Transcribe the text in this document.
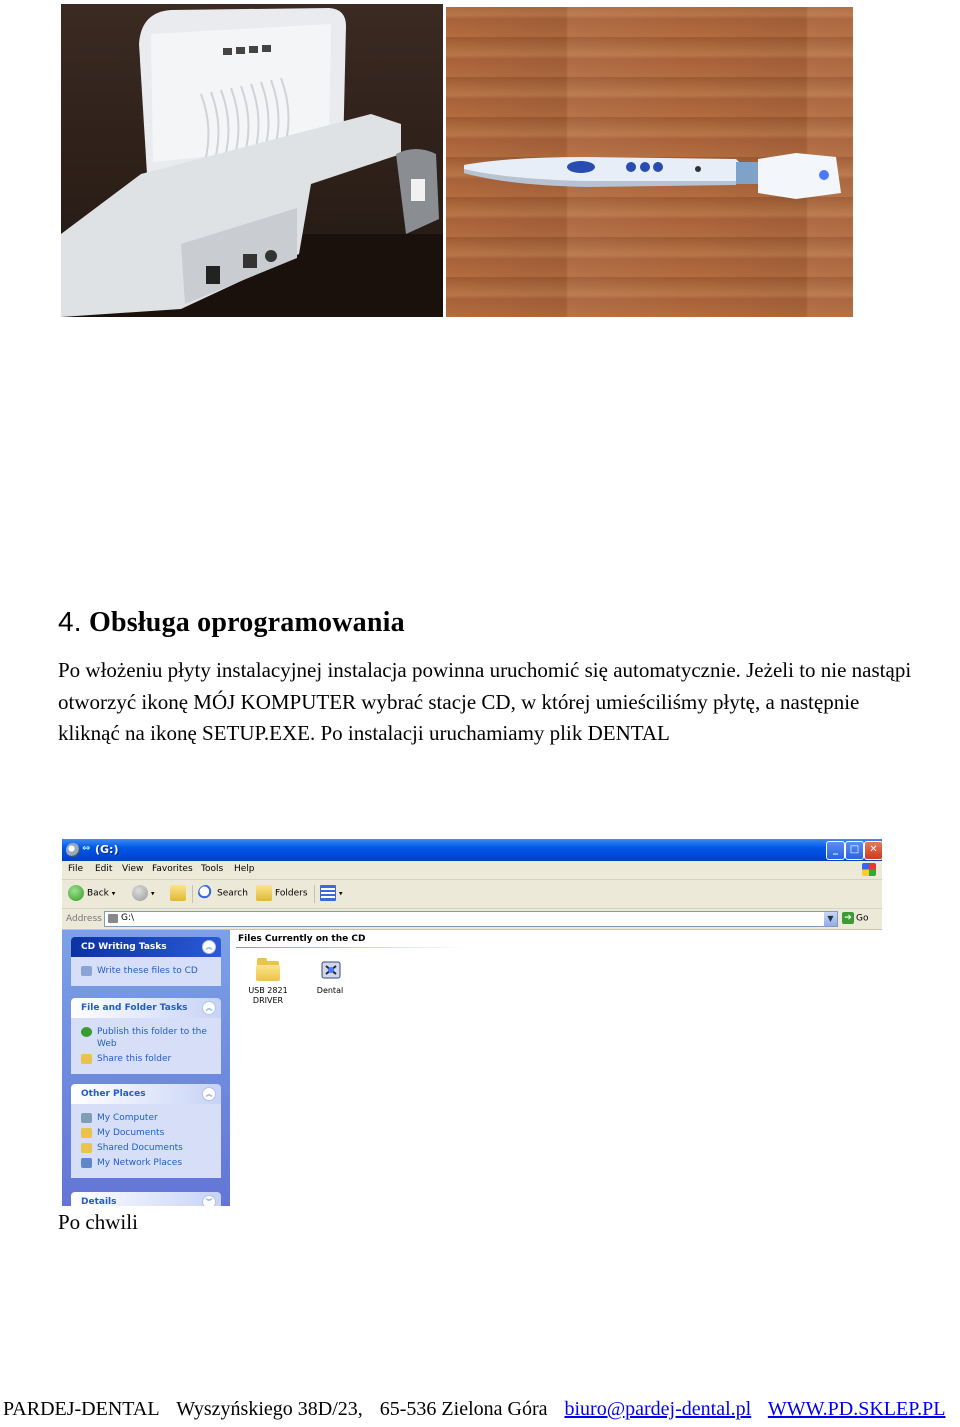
4. Obsługa oprogramowania

Po włożeniu płyty instalacyjnej instalacja powinna uruchomić się automatycznie. Jeżeli to nie nastąpi otworzyć ikonę MÓJ KOMPUTER wybrać stacje CD, w której umieściliśmy płytę, a następnie kliknąć na ikonę SETUP.EXE. Po instalacji uruchamiamy plik DENTAL

⇔ (G:)	_	□	✕
File Edit View Favorites Tools Help
Back ▾	▾	Search	Folders	▾
Address G:\	▼	➔ Go
CD Writing Tasks	︽
Write these files to CD
File and Folder Tasks	︽
Publish this folder to the Web
Share this folder
Other Places	︽
My Computer
My Documents
Shared Documents
My Network Places
Details	︾
Files Currently on the CD
USB 2821 DRIVER
Dental

Po chwili

PARDEJ-DENTAL Wyszyńskiego 38D/23, 65-536 Zielona Góra biuro@pardej-dental.pl WWW.PD.SKLEP.PL
